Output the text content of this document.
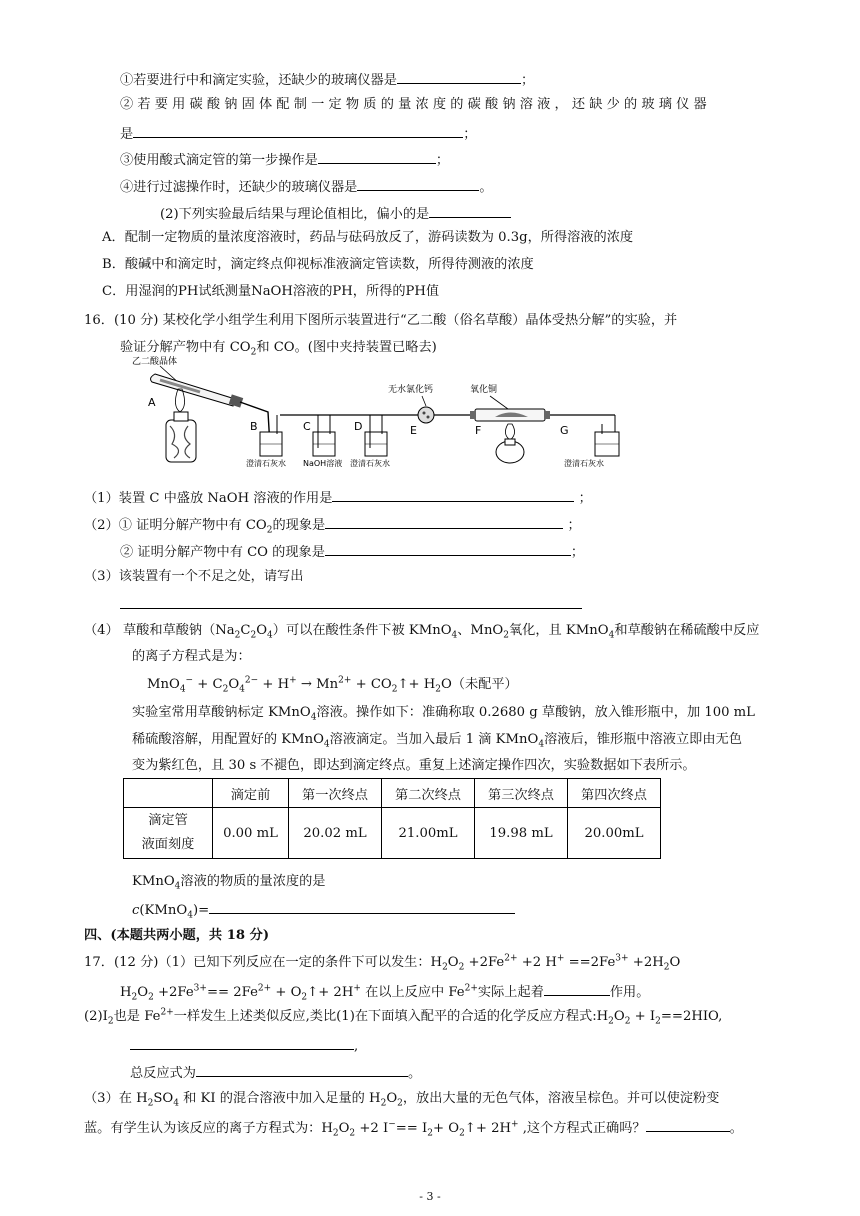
①若要进行中和滴定实验，还缺少的玻璃仪器是	；
② 若 要 用 碳 酸 钠 固 体 配 制 一 定 物 质 的 量 浓 度 的 碳 酸 钠 溶 液 ， 还 缺 少 的 玻 璃 仪 器
是	；
③使用酸式滴定管的第一步操作是	；
④进行过滤操作时，还缺少的玻璃仪器是	。
(2)下列实验最后结果与理论值相比，偏小的是
A．配制一定物质的量浓度溶液时，药品与砝码放反了，游码读数为 0.3g，所得溶液的浓度
B．酸碱中和滴定时，滴定终点仰视标准液滴定管读数，所得待测液的浓度
C．用湿润的PH试纸测量NaOH溶液的PH，所得的PH值
16．(10 分) 某校化学小组学生利用下图所示装置进行“乙二酸（俗名草酸）晶体受热分解”的实验，并
验证分解产物中有 $CO_2$和 CO。(图中夹持装置已略去)
乙二酸晶体
A
B
澄清石灰水
C
NaOH溶液
D
澄清石灰水
无水氯化钙
E
氧化铜
F	G
澄清石灰水
（1）装置 C 中盛放 NaOH 溶液的作用是	；
（2）① 证明分解产物中有 $CO_2$的现象是	；
② 证明分解产物中有 CO 的现象是	；
（3）该装置有一个不足之处，请写出
（4） 草酸和草酸钠$(Na_2C_2O_4)$可以在酸性条件下被 KMnO$_4$、MnO$_2$氧化，且 KMnO$_4$和草酸钠在稀硫酸中反应
的离子方程式是为：
$MnO_4^- + C_2O_4^{2-} + H^+ \to Mn^{2+}$ + $CO_2↑+ H_2O$（未配平）
实验室常用草酸钠标定 KMnO$_4$溶液。操作如下：准确称取 0.2680 g 草酸钠，放入锥形瓶中，加 100 mL
稀硫酸溶解，用配置好的 KMnO$_4$溶液滴定。当加入最后 1 滴 KMnO$_4$溶液后，锥形瓶中溶液立即由无色
变为紫红色，且 30 s 不褪色，即达到滴定终点。重复上述滴定操作四次，实验数据如下表所示。
	滴定前	第一次终点	第二次终点	第三次终点	第四次终点

滴定管
液面刻度	0.00 mL	20.02 mL	21.00mL	19.98 mL	20.00mL
KMnO$_4$溶液的物质的量浓度的是
c(KMnO$_4$)=
四、(本题共两小题，共 18 分)
17．(12 分)（1）已知下列反应在一定的条件下可以发生：$H_2O_2 +2Fe^{2+} +2$ $H^+ ==2Fe^{3+} +2H_2O$
$H_2O_2 +2Fe^{3+}== 2Fe^{2+}$ + $O_2↑+ 2H^+$ 在以上反应中 $Fe^{2+}$实际上起着	作用。
$(2)I_2$也是 $Fe^{2+}$一样发生上述类似反应,类比(1)在下面填入配平的合适的化学反应方程式$:H_2O_2 + I_2==2HIO$,
,
总反应式为	。
（3）在 $H_2SO_4$ 和 KI 的混合溶液中加入足量的 $H_2O_2$，放出大量的无色气体，溶液呈棕色。并可以使淀粉变
蓝。有学生认为该反应的离子方程式为：$H_2O_2 +2$ $I^-== I_2+$ $O_2↑+ 2H^+$ ,这个方程式正确吗？	。
- 3 -
